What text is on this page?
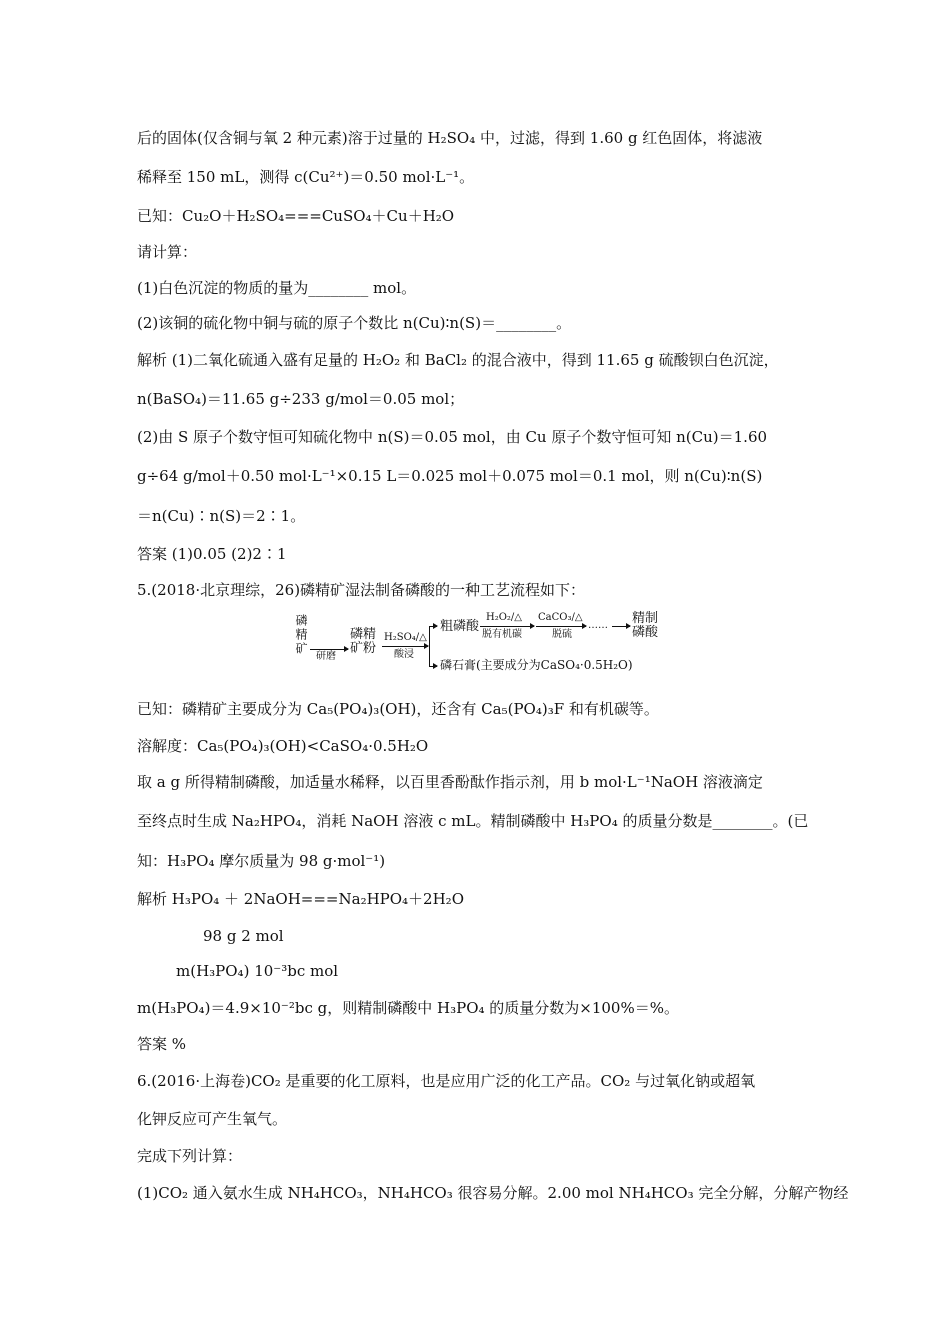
后的固体(仅含铜与氧 2 种元素)溶于过量的 H₂SO₄ 中，过滤，得到 1.60 g 红色固体，将滤液
稀释至 150 mL，测得 c(Cu²⁺)＝0.50 mol·L⁻¹。
已知：Cu₂O＋H₂SO₄===CuSO₄＋Cu＋H₂O
请计算：
(1)白色沉淀的物质的量为________ mol。
(2)该铜的硫化物中铜与硫的原子个数比 n(Cu)∶n(S)＝________。
解析 (1)二氧化硫通入盛有足量的 H₂O₂ 和 BaCl₂ 的混合液中，得到 11.65 g 硫酸钡白色沉淀，
n(BaSO₄)＝11.65 g÷233 g/mol＝0.05 mol；
(2)由 S 原子个数守恒可知硫化物中 n(S)＝0.05 mol，由 Cu 原子个数守恒可知 n(Cu)＝1.60
g÷64 g/mol＋0.50 mol·L⁻¹×0.15 L＝0.025 mol＋0.075 mol＝0.1 mol，则 n(Cu)∶n(S)
＝n(Cu)∶n(S)＝2∶1。
答案 (1)0.05 (2)2∶1
5.(2018·北京理综，26)磷精矿湿法制备磷酸的一种工艺流程如下：
磷精矿
研磨
磷精矿粉
H₂SO₄/△
酸浸
粗磷酸
H₂O₂/△
脱有机碳
CaCO₃/△
脱硫
…… 精制磷酸
磷石膏(主要成分为CaSO₄·0.5H₂O)
已知：磷精矿主要成分为 Ca₅(PO₄)₃(OH)，还含有 Ca₅(PO₄)₃F 和有机碳等。
溶解度：Ca₅(PO₄)₃(OH)<CaSO₄·0.5H₂O
取 a g 所得精制磷酸，加适量水稀释，以百里香酚酞作指示剂，用 b mol·L⁻¹NaOH 溶液滴定
至终点时生成 Na₂HPO₄，消耗 NaOH 溶液 c mL。精制磷酸中 H₃PO₄ 的质量分数是________。(已
知：H₃PO₄ 摩尔质量为 98 g·mol⁻¹)
解析 H₃PO₄ ＋ 2NaOH===Na₂HPO₄＋2H₂O
98 g 2 mol
m(H₃PO₄) 10⁻³bc mol
m(H₃PO₄)＝4.9×10⁻²bc g，则精制磷酸中 H₃PO₄ 的质量分数为×100%＝%。
答案 %
6.(2016·上海卷)CO₂ 是重要的化工原料，也是应用广泛的化工产品。CO₂ 与过氧化钠或超氧
化钾反应可产生氧气。
完成下列计算：
(1)CO₂ 通入氨水生成 NH₄HCO₃，NH₄HCO₃ 很容易分解。2.00 mol NH₄HCO₃ 完全分解，分解产物经
